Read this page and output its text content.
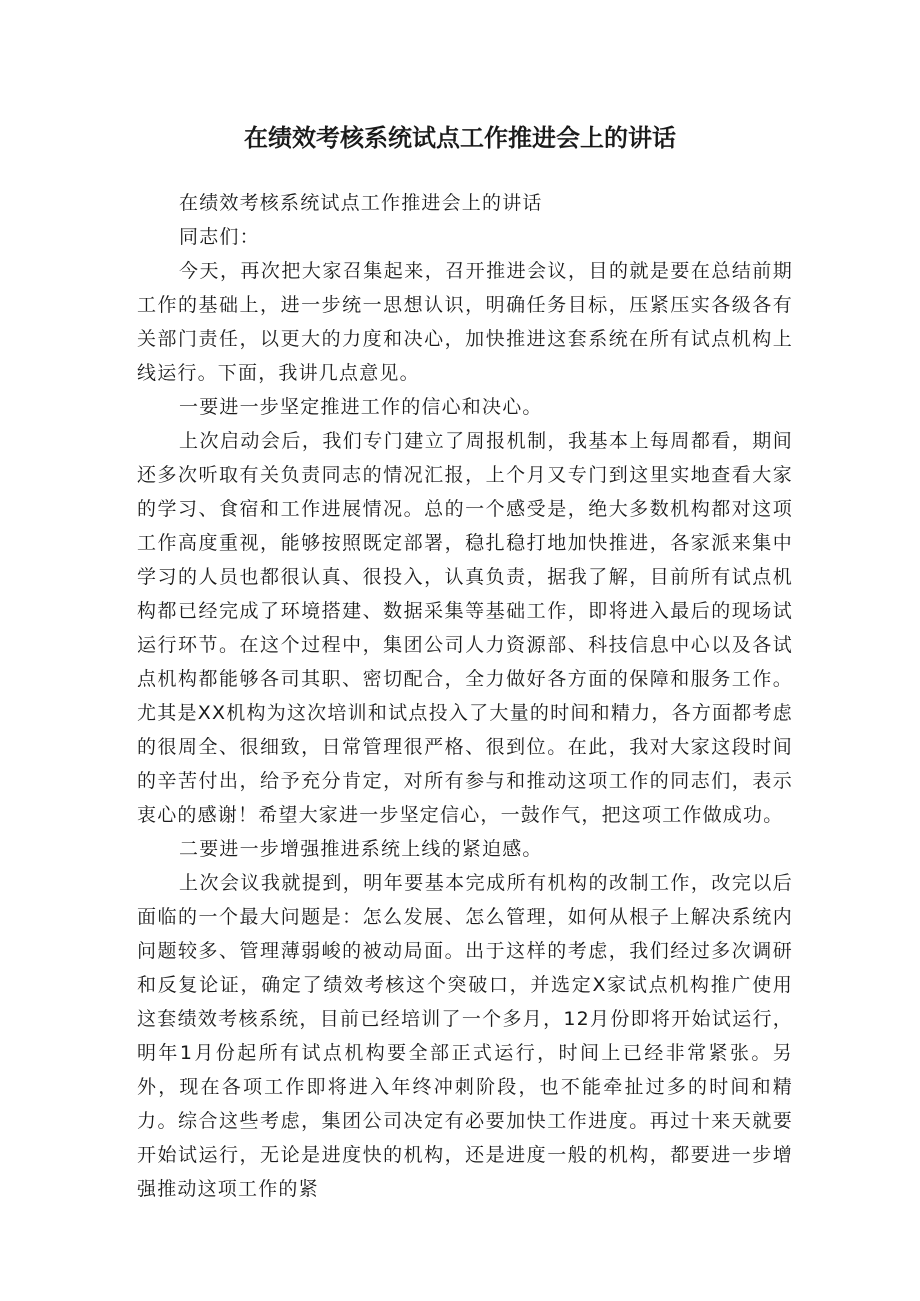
在绩效考核系统试点工作推进会上的讲话

在绩效考核系统试点工作推进会上的讲话

同志们：

今天，再次把大家召集起来，召开推进会议，目的就是要在总结前期工作的基础上，进一步统一思想认识，明确任务目标，压紧压实各级各有关部门责任，以更大的力度和决心，加快推进这套系统在所有试点机构上线运行。下面，我讲几点意见。

一要进一步坚定推进工作的信心和决心。

上次启动会后，我们专门建立了周报机制，我基本上每周都看，期间还多次听取有关负责同志的情况汇报，上个月又专门到这里实地查看大家的学习、食宿和工作进展情况。总的一个感受是，绝大多数机构都对这项工作高度重视，能够按照既定部署，稳扎稳打地加快推进，各家派来集中学习的人员也都很认真、很投入，认真负责，据我了解，目前所有试点机构都已经完成了环境搭建、数据采集等基础工作，即将进入最后的现场试运行环节。在这个过程中，集团公司人力资源部、科技信息中心以及各试点机构都能够各司其职、密切配合，全力做好各方面的保障和服务工作。尤其是XX机构为这次培训和试点投入了大量的时间和精力，各方面都考虑的很周全、很细致，日常管理很严格、很到位。在此，我对大家这段时间的辛苦付出，给予充分肯定，对所有参与和推动这项工作的同志们，表示衷心的感谢！希望大家进一步坚定信心，一鼓作气，把这项工作做成功。

二要进一步增强推进系统上线的紧迫感。

上次会议我就提到，明年要基本完成所有机构的改制工作，改完以后面临的一个最大问题是：怎么发展、怎么管理，如何从根子上解决系统内问题较多、管理薄弱峻的被动局面。出于这样的考虑，我们经过多次调研和反复论证，确定了绩效考核这个突破口，并选定X家试点机构推广使用这套绩效考核系统，目前已经培训了一个多月，12月份即将开始试运行，明年1月份起所有试点机构要全部正式运行，时间上已经非常紧张。另外，现在各项工作即将进入年终冲刺阶段，也不能牵扯过多的时间和精力。综合这些考虑，集团公司决定有必要加快工作进度。再过十来天就要开始试运行，无论是进度快的机构，还是进度一般的机构，都要进一步增强推动这项工作的紧
